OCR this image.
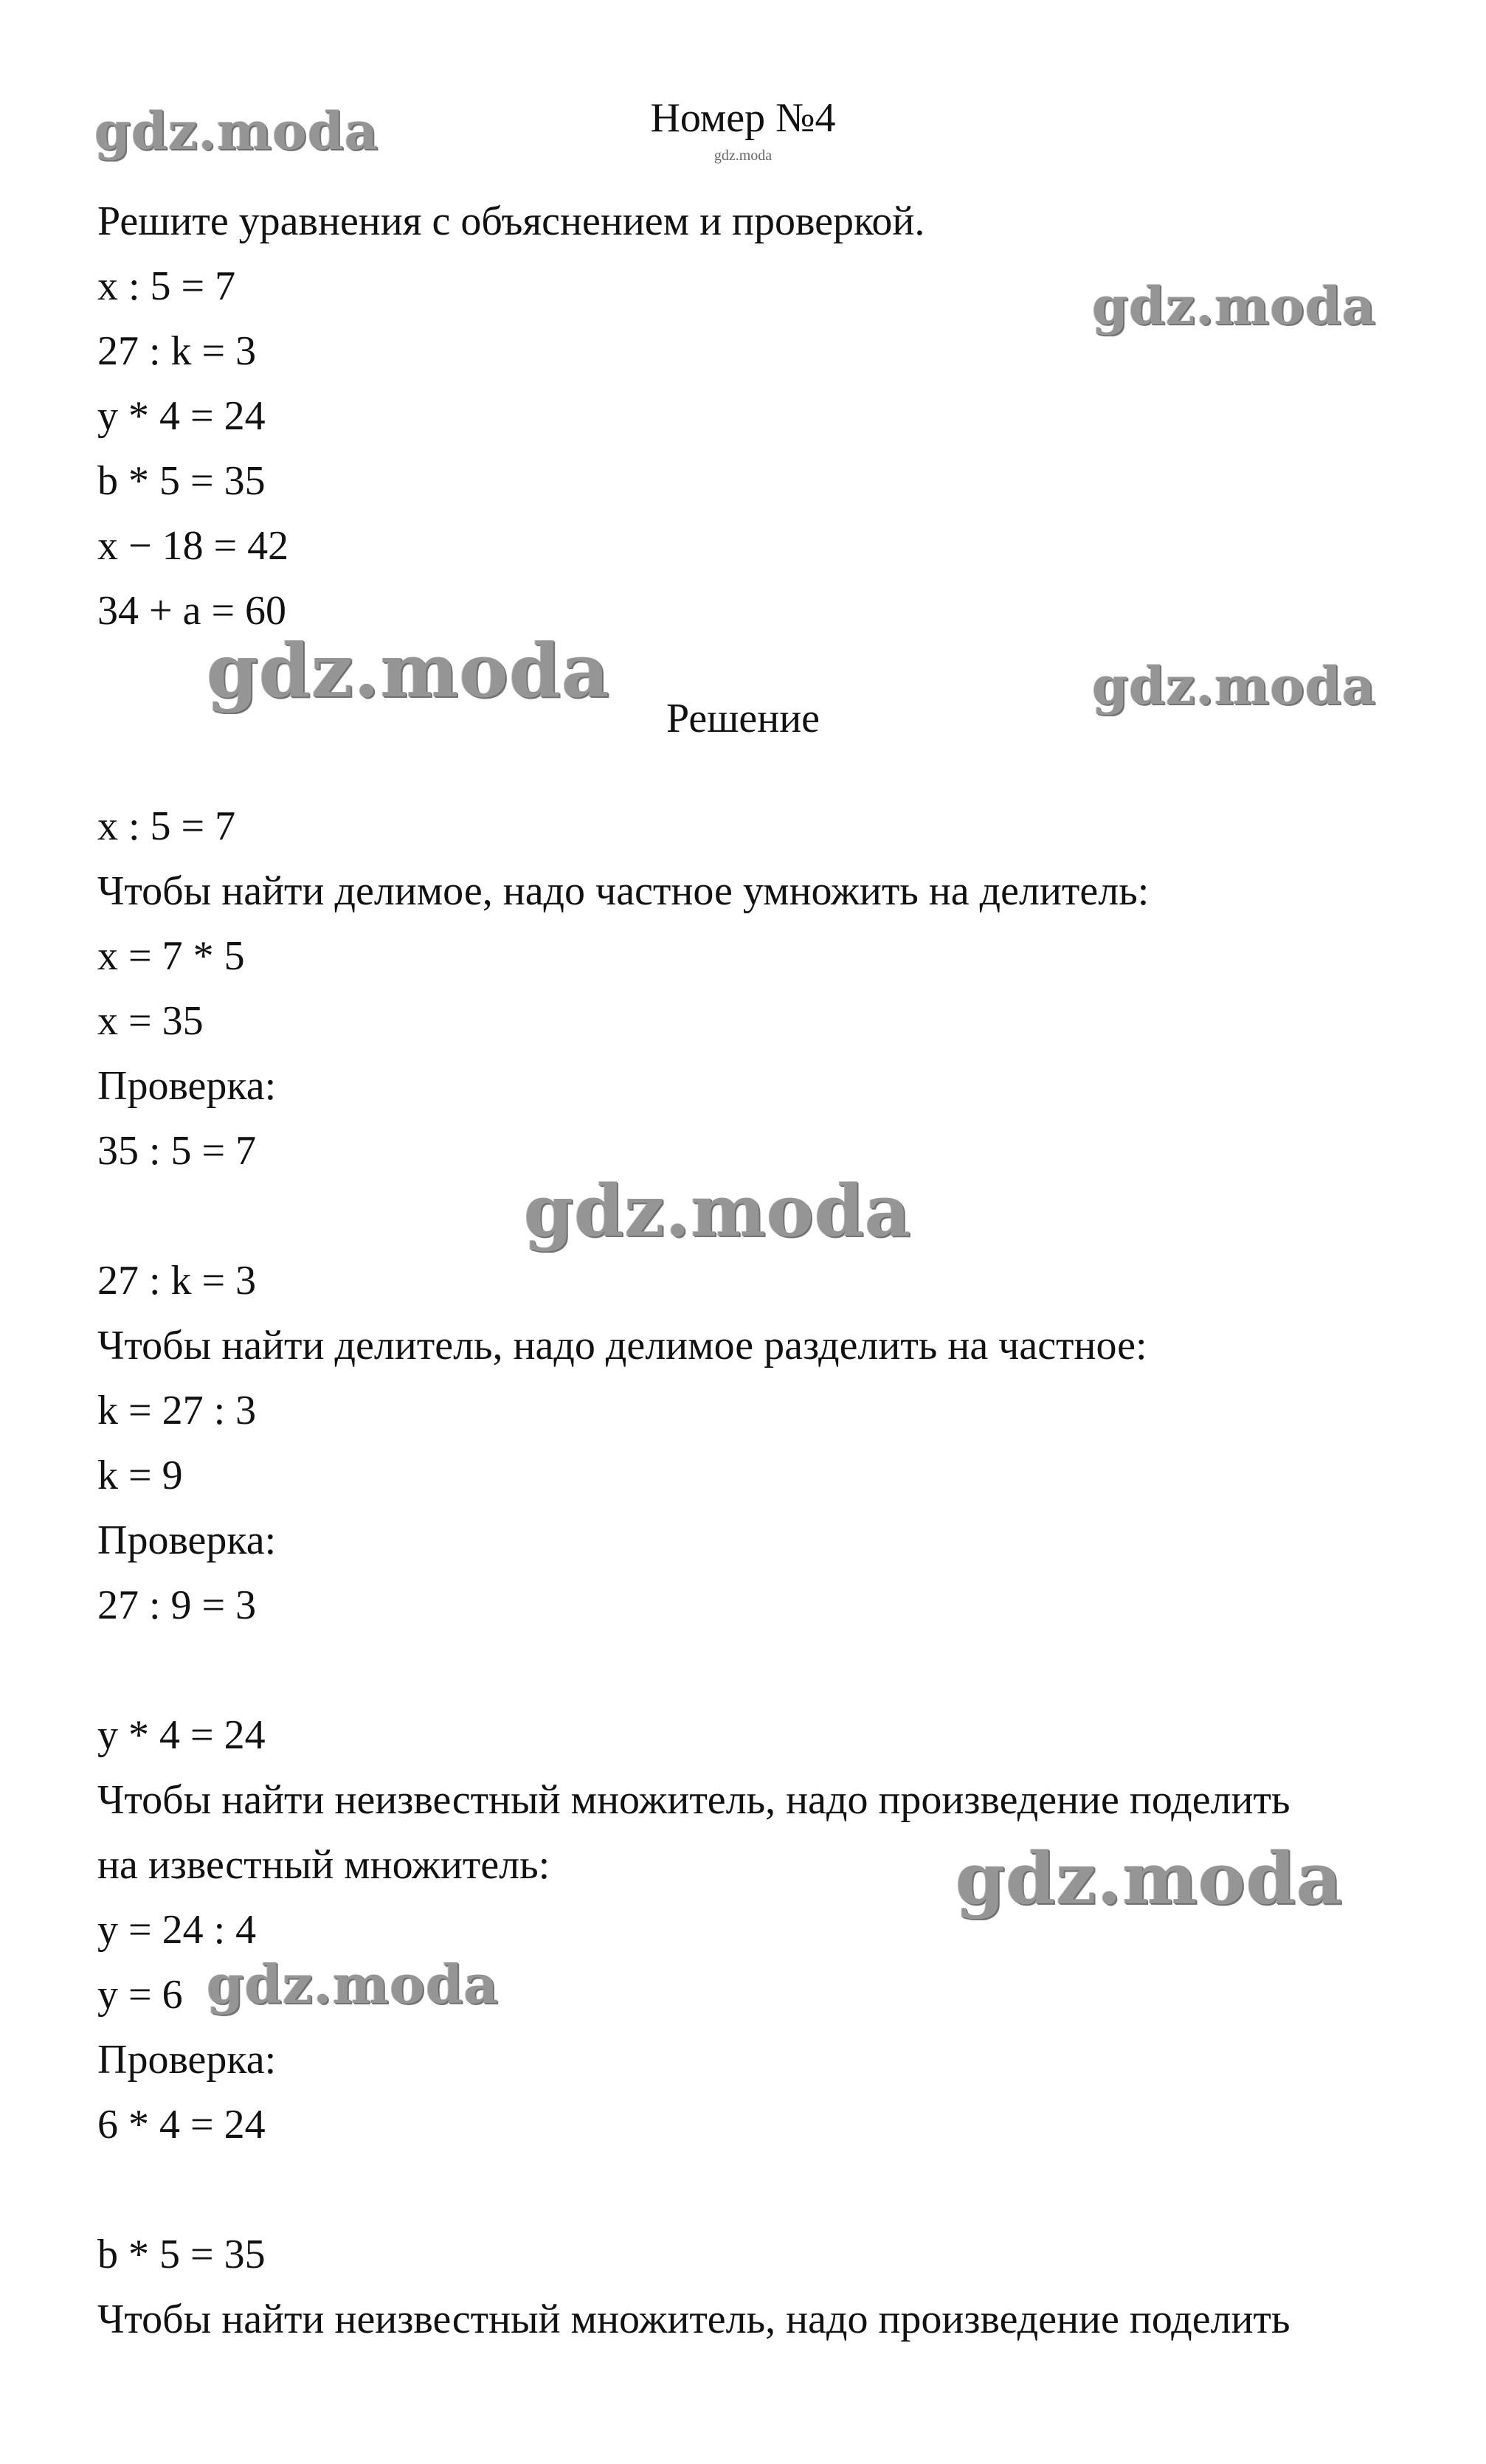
gdz.moda
gdz.moda
gdz.moda	gdz.moda
gdz.moda
gdz.moda
gdz.moda
Номер №4
gdz.moda
Решите уравнения с объяснением и проверкой.
x : 5 = 7
27 : k = 3
y * 4 = 24
b * 5 = 35
x − 18 = 42
34 + a = 60
Решение
x : 5 = 7
Чтобы найти делимое, надо частное умножить на делитель:
x = 7 * 5
x = 35
Проверка:
35 : 5 = 7
27 : k = 3
Чтобы найти делитель, надо делимое разделить на частное:
k = 27 : 3
k = 9
Проверка:
27 : 9 = 3
y * 4 = 24
Чтобы найти неизвестный множитель, надо произведение поделить
на известный множитель:
y = 24 : 4
y = 6
Проверка:
6 * 4 = 24
b * 5 = 35
Чтобы найти неизвестный множитель, надо произведение поделить
